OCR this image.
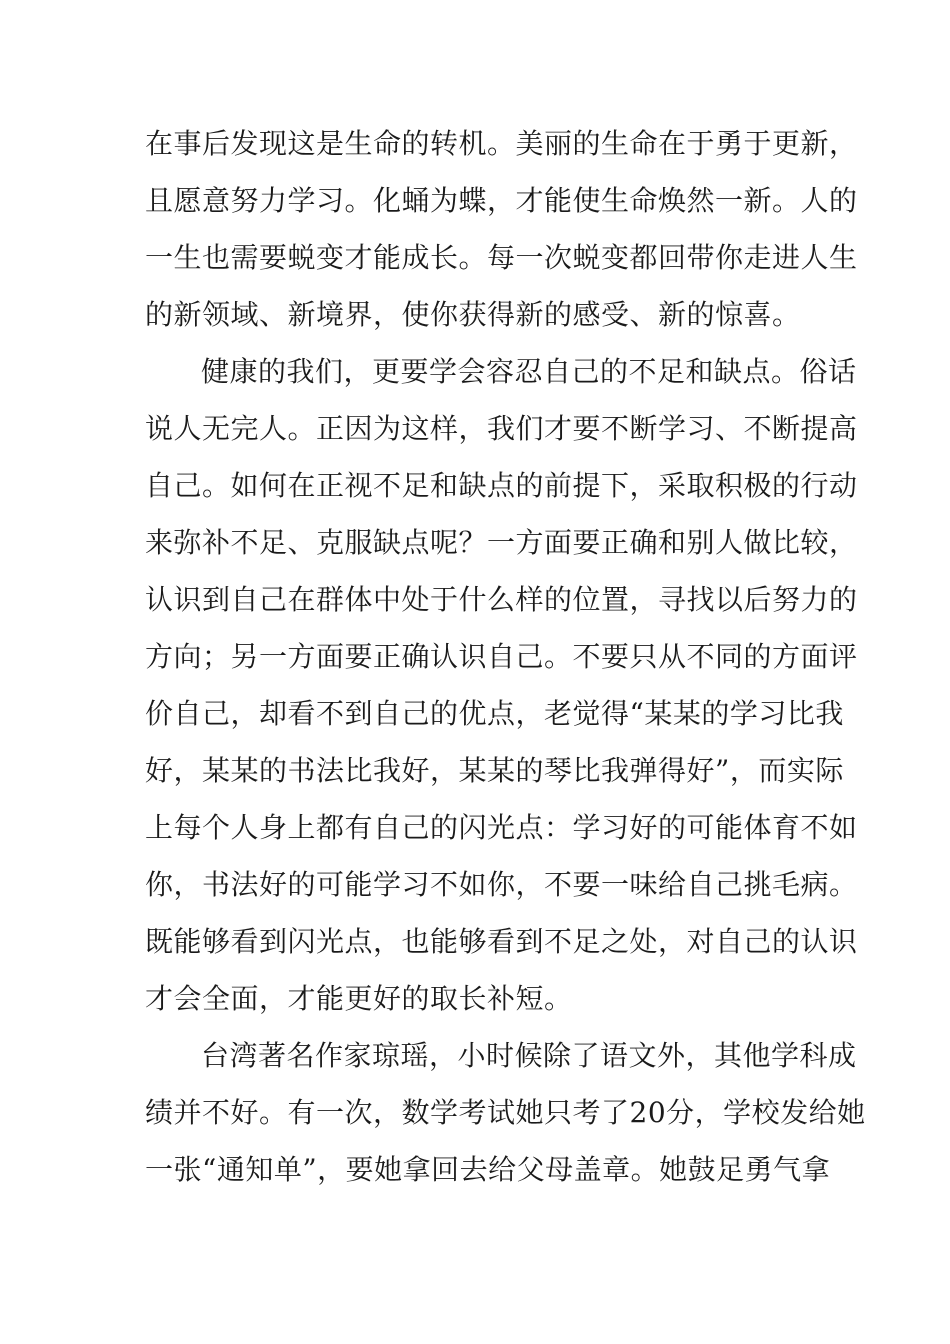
在事后发现这是生命的转机。美丽的生命在于勇于更新，
且愿意努力学习。化蛹为蝶，才能使生命焕然一新。人的
一生也需要蜕变才能成长。每一次蜕变都回带你走进人生
的新领域、新境界，使你获得新的感受、新的惊喜。
健康的我们，更要学会容忍自己的不足和缺点。俗话
说人无完人。正因为这样，我们才要不断学习、不断提高
自己。如何在正视不足和缺点的前提下，采取积极的行动
来弥补不足、克服缺点呢？一方面要正确和别人做比较，
认识到自己在群体中处于什么样的位置，寻找以后努力的
方向；另一方面要正确认识自己。不要只从不同的方面评
价自己，却看不到自己的优点，老觉得“某某的学习比我
好，某某的书法比我好，某某的琴比我弹得好”，而实际
上每个人身上都有自己的闪光点：学习好的可能体育不如
你，书法好的可能学习不如你，不要一味给自己挑毛病。
既能够看到闪光点，也能够看到不足之处，对自己的认识
才会全面，才能更好的取长补短。
台湾著名作家琼瑶，小时候除了语文外，其他学科成
绩并不好。有一次，数学考试她只考了20分，学校发给她
一张“通知单”，要她拿回去给父母盖章。她鼓足勇气拿
